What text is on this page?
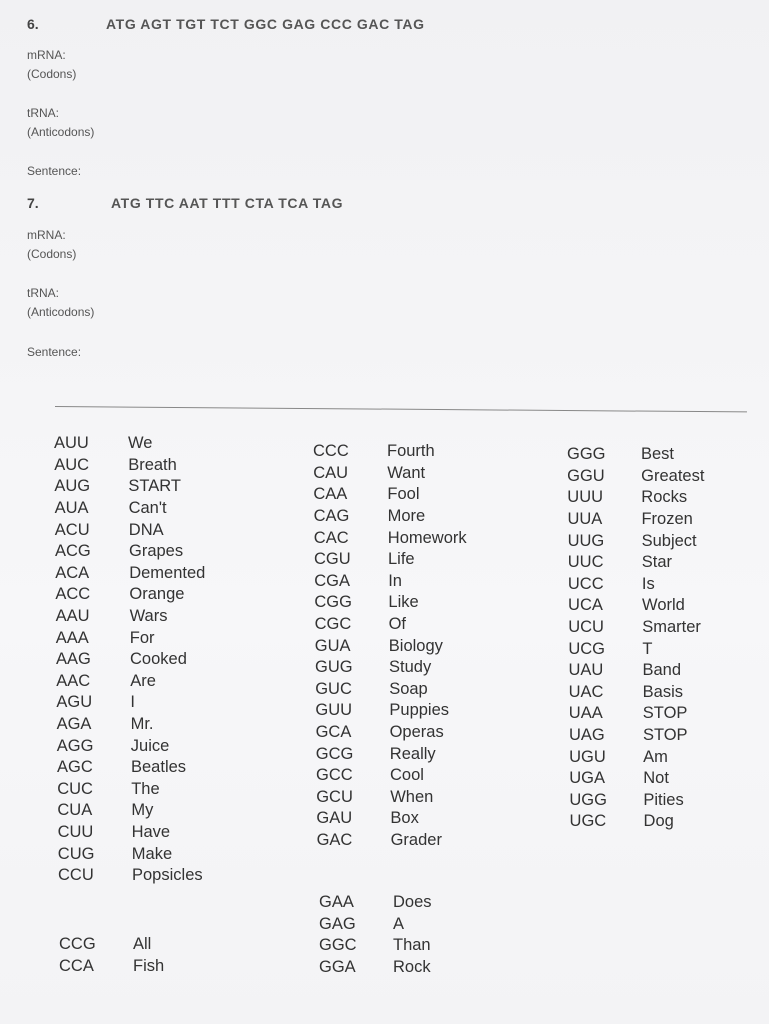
6.	ATG AGT TGT TCT GGC GAG CCC GAC TAG
mRNA:
(Codons)
tRNA:
(Anticodons)
Sentence:
7.	ATG TTC AAT TTT CTA TCA TAG
mRNA:
(Codons)
tRNA:
(Anticodons)
Sentence:
AUU	We
AUC	Breath
AUG	START
AUA	Can't
ACU	DNA
ACG	Grapes
ACA	Demented
ACC	Orange
AAU	Wars
AAA	For
AAG	Cooked
AAC	Are
AGU	I
AGA	Mr.
AGG	Juice
AGC	Beatles
CUC	The
CUA	My
CUU	Have
CUG	Make
CCU	Popsicles
CCG	All
CCA	Fish
CCC	Fourth
CAU	Want
CAA	Fool
CAG	More
CAC	Homework
CGU	Life
CGA	In
CGG	Like
CGC	Of
GUA	Biology
GUG	Study
GUC	Soap
GUU	Puppies
GCA	Operas
GCG	Really
GCC	Cool
GCU	When
GAU	Box
GAC	Grader
GAA	Does
GAG	A
GGC	Than
GGA	Rock
GGG	Best
GGU	Greatest
UUU	Rocks
UUA	Frozen
UUG	Subject
UUC	Star
UCC	Is
UCA	World
UCU	Smarter
UCG	T
UAU	Band
UAC	Basis
UAA	STOP
UAG	STOP
UGU	Am
UGA	Not
UGG	Pities
UGC	Dog
